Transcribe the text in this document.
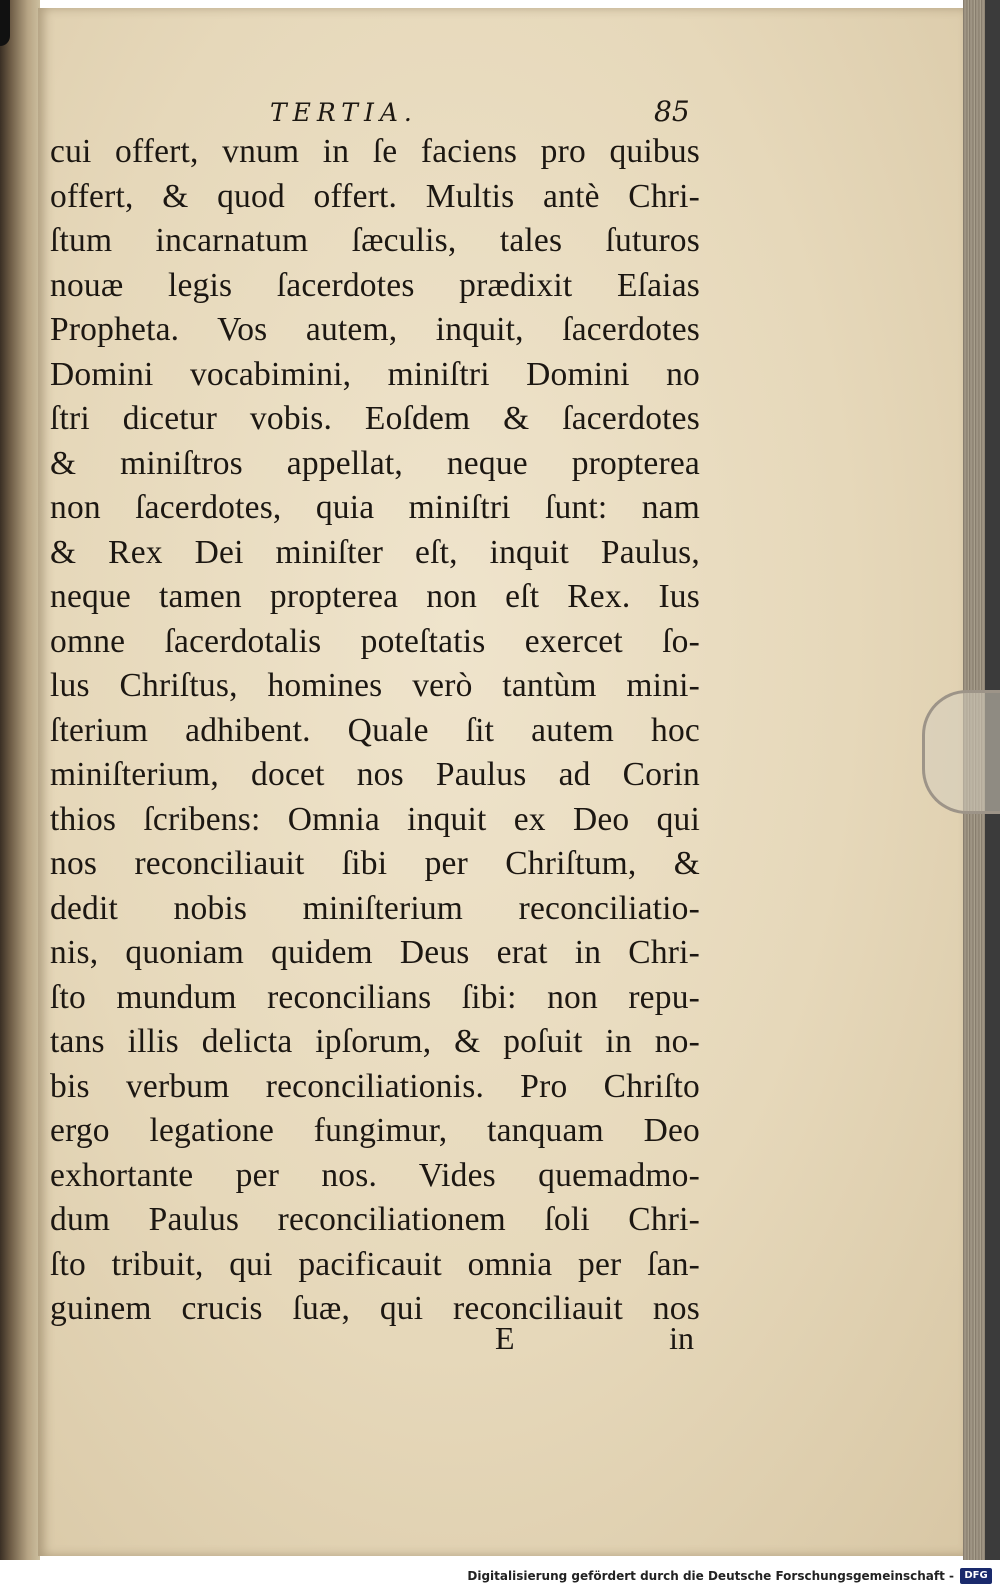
TERTIA.	85
cui offert, vnum in ſe faciens pro quibus
offert, & quod offert. Multis antè Chri-
ſtum incarnatum ſæculis, tales ſuturos
nouæ legis ſacerdotes prædixit Eſaias
Propheta. Vos autem, inquit, ſacerdotes
Domini vocabimini, miniſtri Domini no
ſtri dicetur vobis. Eoſdem & ſacerdotes
& miniſtros appellat, neque propterea
non ſacerdotes, quia miniſtri ſunt: nam
& Rex Dei miniſter eſt, inquit Paulus,
neque tamen propterea non eſt Rex. Ius
omne ſacerdotalis poteſtatis exercet ſo-
lus Chriſtus, homines verò tantùm mini-
ſterium adhibent. Quale ſit autem hoc
miniſterium, docet nos Paulus ad Corin
thios ſcribens: Omnia inquit ex Deo qui
nos reconciliauit ſibi per Chriſtum, &
dedit nobis miniſterium reconciliatio-
nis, quoniam quidem Deus erat in Chri-
ſto mundum reconcilians ſibi: non repu-
tans illis delicta ipſorum, & poſuit in no-
bis verbum reconciliationis. Pro Chriſto
ergo legatione fungimur, tanquam Deo
exhortante per nos. Vides quemadmo-
dum Paulus reconciliationem ſoli Chri-
ſto tribuit, qui pacificauit omnia per ſan-
guinem crucis ſuæ, qui reconciliauit nos
E	in
Digitalisierung gefördert durch die Deutsche Forschungsgemeinschaft -	DFG
